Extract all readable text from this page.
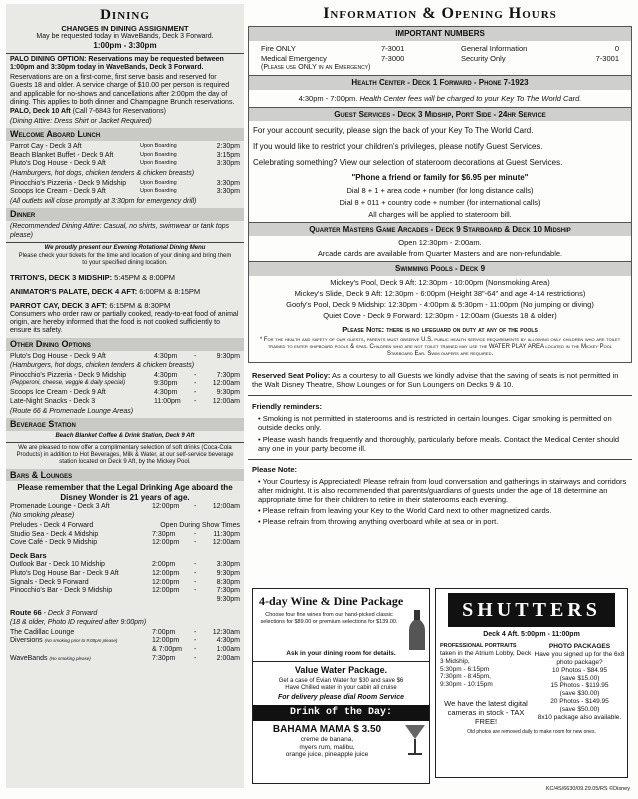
Dining
CHANGES IN DINING ASSIGNMENT
May be requested today in WaveBands, Deck 3 Forward.
1:00pm - 3:30pm
PALO DINING OPTION: Reservations may be requested between 1:00pm and 3:30pm today in WaveBands, Deck 3 Forward.
Reservations are on a first-come, first serve basis and reserved for Guests 18 and older. A service charge of $10.00 per person is required and applicable for no-shows and cancellations after 2:00pm the day of dining. This applies to both dinner and Champagne Brunch reservations.
PALO, Deck 10 Aft (Call 7-6843 for Reservations)
(Dining Attire: Dress Shirt or Jacket Required)
Welcome Aboard Lunch
Parrot Cay - Deck 3 Aft	Upon Boarding	2:30pm
Beach Blanket Buffet - Deck 9 Aft	Upon Boarding	3:15pm
Pluto's Dog House - Deck 9 Aft	Upon Boarding	3:30pm
(Hamburgers, hot dogs, chicken tenders & chicken breasts)
Pinocchio's Pizzeria - Deck 9 Midship	Upon Boarding	3:30pm
Scoops Ice Cream - Deck 9 Aft	Upon Boarding	3:30pm
(All outlets will close promptly at 3:30pm for emergency drill)
Dinner
(Recommended Dining Attire: Casual, no shirts, swimwear or tank tops please)
We proudly present our Evening Rotational Dining Menu
Please check your tickets for the time and location of your dining and bring them to your specified dining location.
TRITON'S, DECK 3 MIDSHIP: 5:45PM & 8:00PM
ANIMATOR'S PALATE, DECK 4 AFT: 6:00PM & 8:15PM
PARROT CAY, DECK 3 AFT: 6:15PM & 8:30PM
Consumers who order raw or partially cooked, ready-to-eat food of animal origin, are hereby informed that the food is not cooked sufficiently to ensure its safety.
Other Dining Options
Pluto's Dog House - Deck 9 Aft	4:30pm	-	9:30pm
(Hamburgers, hot dogs, chicken tenders & chicken breasts)
Pinocchio's Pizzeria - Deck 9 Midship	4:30pm	-	7:30pm
(Pepperoni, cheese, veggie & daily special)	9:30pm	-	12:00am
Scoops Ice Cream - Deck 9 Aft	4:30pm	-	9:30pm
Late-Night Snacks - Deck 3	11:00pm	-	12:00am
(Route 66 & Promenade Lounge Areas)
Beverage Station
Beach Blanket Coffee & Drink Station, Deck 9 Aft
We are pleased to now offer a complimentary selection of soft drinks (Coca-Cola Products) in addition to Hot Beverages, Milk & Water, at our self-service beverage station located on Deck 9 Aft, by the Mickey Pool.
Bars & Lounges
Please remember that the Legal Drinking Age aboard the Disney Wonder is 21 years of age.
Promenade Lounge - Deck 3 Aft	12:00pm	-	12:00am
(No smoking please)
Preludes - Deck 4 Forward	Open During Show Times
Studio Sea - Deck 4 Midship	7:30pm	-	11:30pm
Cove Café - Deck 9 Midship	12:00pm	-	12:00am
Deck Bars
Outlook Bar - Deck 10 Midship	2:00pm	-	3:30pm
Pluto's Dog House Bar - Deck 9 Aft	12:00pm	-	9:30pm
Signals - Deck 9 Forward	12:00pm	-	8:30pm
Pinocchio's Bar - Deck 9 Midship	12:00pm	-	7:30pm
9:30pm
Route 66 - Deck 3 Forward
(18 & older, Photo ID required after 9:00pm)
The Cadillac Lounge	7:00pm	-	12:30am
Diversions (No smoking prior to 9:00pm please)	12:00pm	-	4:30pm
& 7:00pm	-	1:00am
WaveBands (No smoking please)	7:30pm	-	2:00am
Information & Opening Hours
IMPORTANT NUMBERS
Fire ONLY	7-3001	General Information	0
Medical Emergency	7-3000	Security Only	7-3001
(Please use ONLY in an Emergency)
Health Center - Deck 1 Forward - Phone 7-1923
4:30pm - 7:00pm. Health Center fees will be charged to your Key To The World Card.
Guest Services - Deck 3 Midship, Port Side - 24hr Service
For your account security, please sign the back of your Key To The World Card.
If you would like to restrict your children's privileges, please notify Guest Services.
Celebrating something? View our selection of stateroom decorations at Guest Services.
"Phone a friend or family for $6.95 per minute"
Dial 8 + 1 + area code + number (for long distance calls)
Dial 8 + 011 + country code + number (for international calls)
All charges will be applied to stateroom bill.
Quarter Masters Game Arcades - Deck 9 Starboard & Deck 10 Midship
Open 12:30pm - 2:00am.
Arcade cards are available from Quarter Masters and are non-refundable.
Swimming Pools - Deck 9
Mickey's Pool, Deck 9 Aft: 12:30pm - 10:00pm (Nonsmoking Area)
Mickey's Slide, Deck 9 Aft: 12:30pm - 6:00pm (Height 38"-64" and age 4-14 restrictions)
Goofy's Pool, Deck 9 Midship: 12:30pm - 4:00pm & 5:30pm - 11:00pm (No jumping or diving)
Quiet Cove - Deck 9 Forward: 12:30pm - 12:00am (Guests 18 & older)
Please Note: there is no lifeguard on duty at any of the pools
* For the health and safety of our guests, parents must observe U.S. public health service requirements by allowing only children who are toilet trained to enter shipboard pools & spas. Children who are not toilet trained may use the WATER PLAY AREA located in the Mickey Pool Starboard Ear. Swim diapers are required.
Reserved Seat Policy: As a courtesy to all Guests we kindly advise that the saving of seats is not permitted in the Walt Disney Theatre, Show Lounges or for Sun Loungers on Decks 9 & 10.
Friendly reminders:
• Smoking is not permitted in staterooms and is restricted in certain lounges. Cigar smoking is permitted on outside decks only.
• Please wash hands frequently and thoroughly, particularly before meals. Contact the Medical Center should any one in your party become ill.
Please Note:
• Your Courtesy is Appreciated! Please refrain from loud conversation and gatherings in stairways and corridors after midnight. It is also recommended that parents/guardians of guests under the age of 18 determine an appropriate time for their children to retire in their staterooms each evening.
• Please refrain from leaving your Key to the World Card next to other magnetized cards.
• Please refrain from throwing anything overboard while at sea or in port.
4-day Wine & Dine Package
Choose four fine wines from our hand-picked classic selections for $89.00 or premium selections for $139.00.
Ask in your dining room for details.
Value Water Package.
Get a case of Evian Water for $30 and save $6 Have Chilled water in your cabin all cruise
For delivery please dial Room Service
Drink of the Day:
BAHAMA MAMA $ 3.50
creme de banana,
myers rum, malibu,
orange juice, pineapple juice
SHUTTERS
Deck 4 Aft. 5:00pm - 11:00pm
PROFESSIONAL PORTRAITS
taken in the Atrium Lobby, Deck 3 Midship,
5:30pm - 6:15pm
7:30pm - 8:45pm,
9:30pm - 10:15pm
We have the latest digital cameras in stock - TAX FREE!
PHOTO PACKAGES
Have you signed up for the 6x8 photo package?
10 Photos - $84.95
(save $15.00)
15 Photos - $119.95
(save $30.00)
20 Photos - $149.95
(save $50.00)
8x10 package also available.
Old photos are removed daily to make room for new ones.
KC/4S/6630/09.29.05/RS ©Disney
